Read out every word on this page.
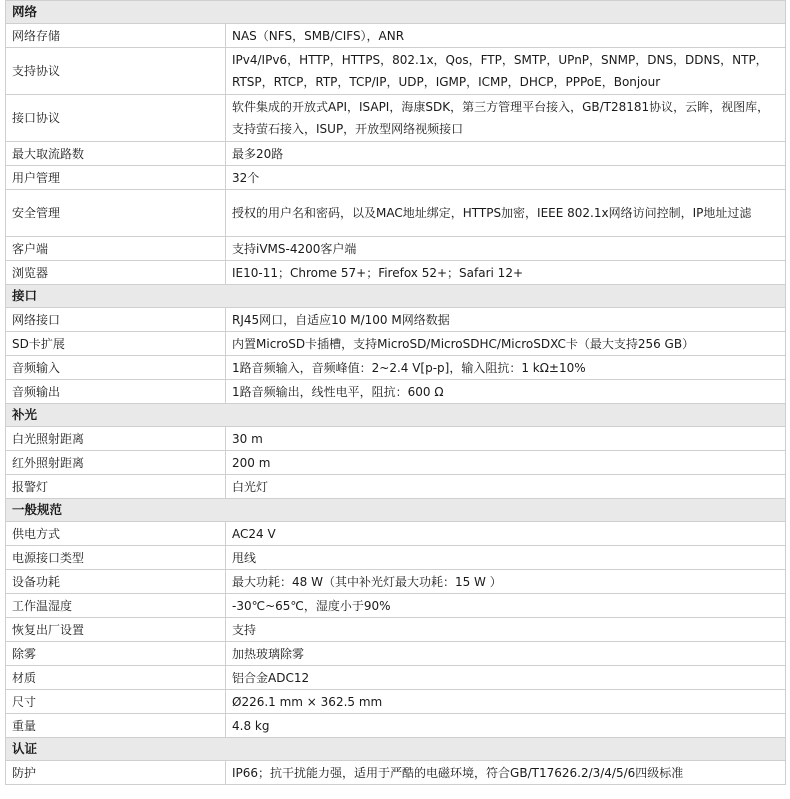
网络	
网络存储	NAS（NFS，SMB/CIFS），ANR
支持协议	IPv4/IPv6，HTTP，HTTPS，802.1x，Qos，FTP，SMTP，UPnP，SNMP，DNS，DDNS，NTP，RTSP，RTCP，RTP，TCP/IP，UDP，IGMP，ICMP，DHCP，PPPoE，Bonjour
接口协议	软件集成的开放式API，ISAPI，海康SDK，第三方管理平台接入，GB/T28181协议，云眸，视图库，支持萤石接入，ISUP，开放型网络视频接口
最大取流路数	最多20路
用户管理	32个
安全管理	授权的用户名和密码，以及MAC地址绑定，HTTPS加密，IEEE 802.1x网络访问控制，IP地址过滤
客户端	支持iVMS-4200客户端
浏览器	IE10-11；Chrome 57+；Firefox 52+；Safari 12+
接口	
网络接口	RJ45网口，自适应10 M/100 M网络数据
SD卡扩展	内置MicroSD卡插槽，支持MicroSD/MicroSDHC/MicroSDXC卡（最大支持256 GB）
音频输入	1路音频输入，音频峰值：2~2.4 V[p-p]，输入阻抗：1 kΩ±10%
音频输出	1路音频输出，线性电平，阻抗：600 Ω
补光	
白光照射距离	30 m
红外照射距离	200 m
报警灯	白光灯
一般规范	
供电方式	AC24 V
电源接口类型	甩线
设备功耗	最大功耗：48 W（其中补光灯最大功耗：15 W ）
工作温湿度	-30℃~65℃，湿度小于90%
恢复出厂设置	支持
除雾	加热玻璃除雾
材质	铝合金ADC12
尺寸	Ø226.1 mm × 362.5 mm
重量	4.8 kg
认证	
防护	IP66；抗干扰能力强，适用于严酷的电磁环境，符合GB/T17626.2/3/4/5/6四级标准
